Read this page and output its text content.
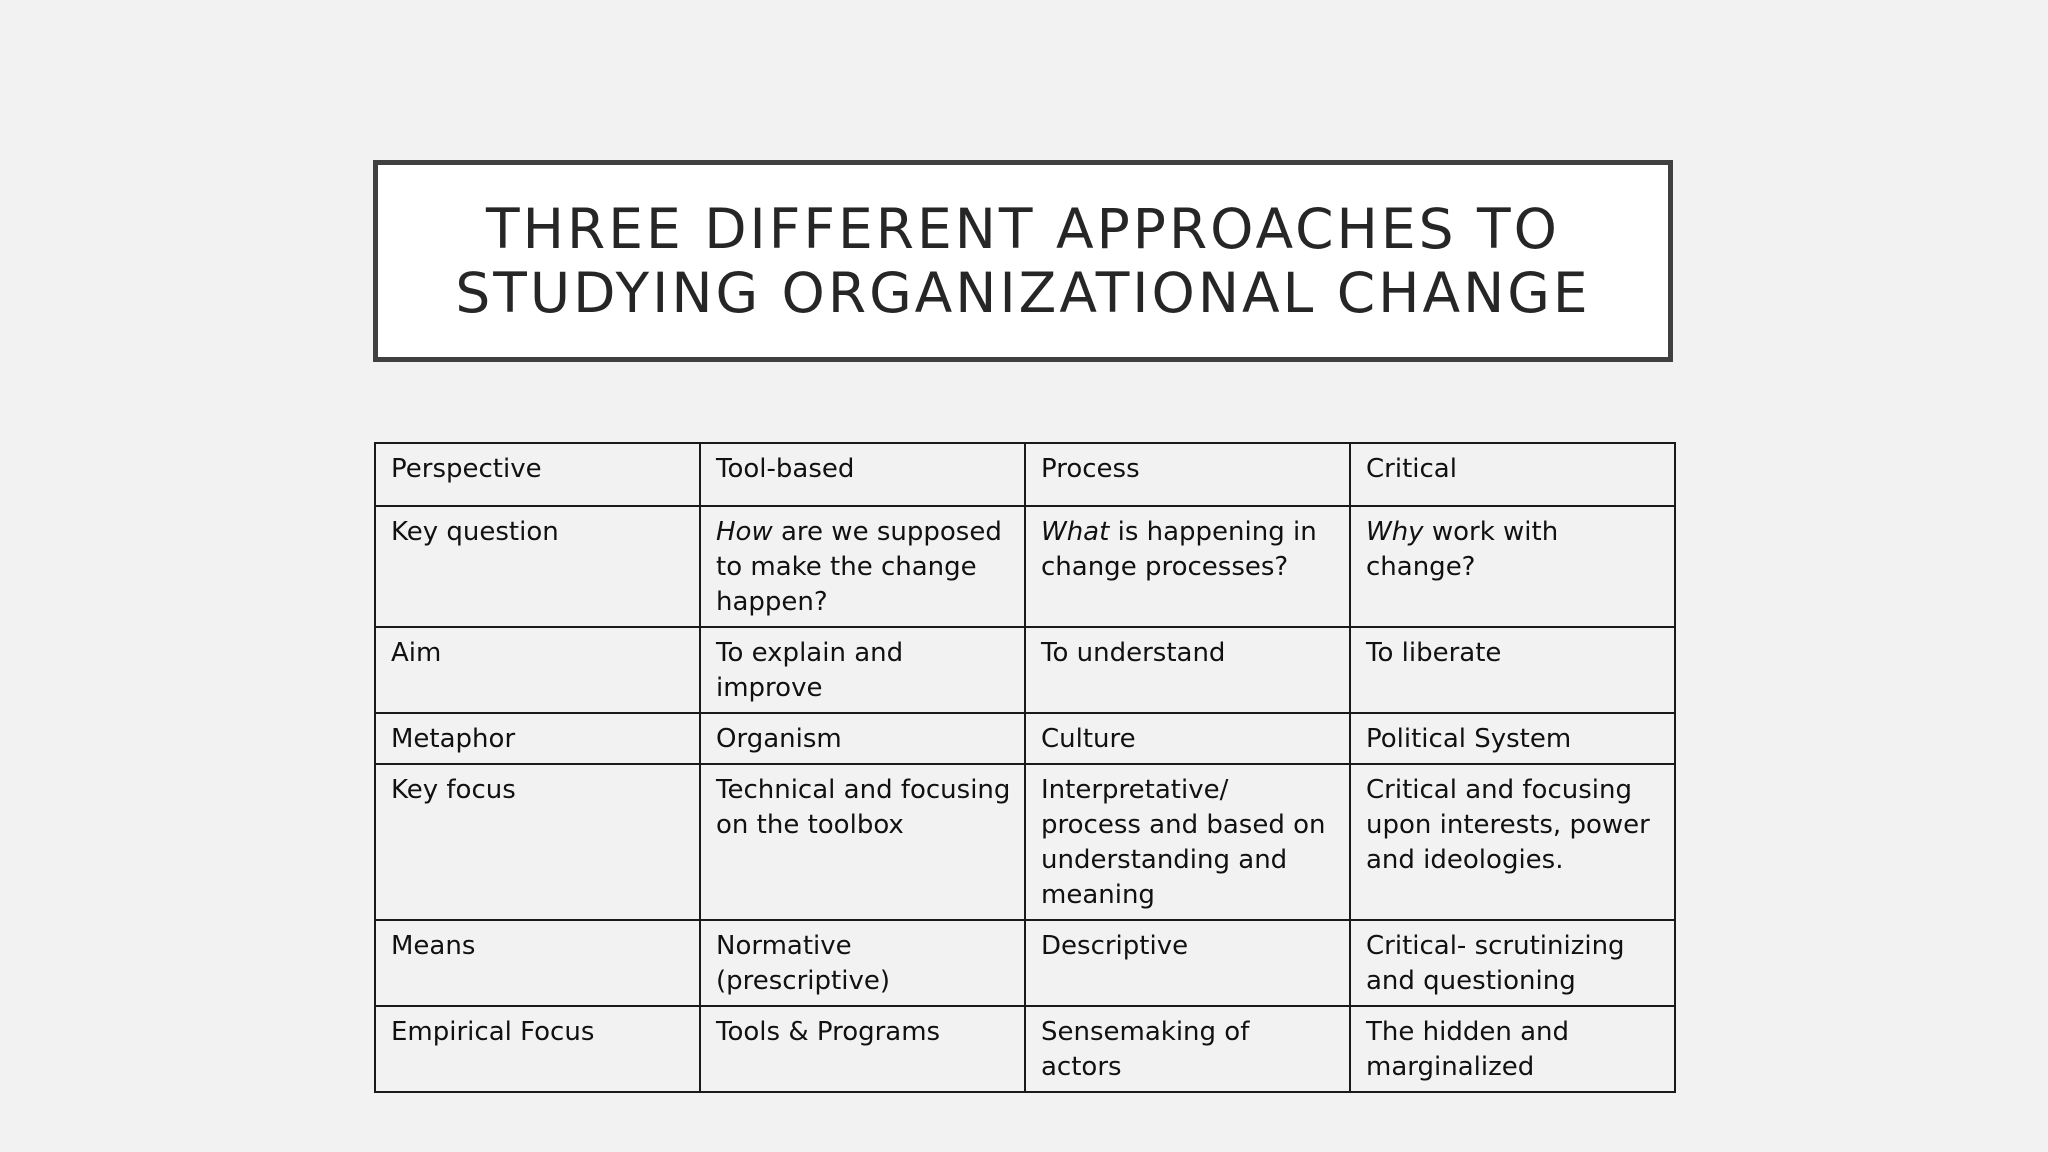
THREE DIFFERENT APPROACHES TO
STUDYING ORGANIZATIONAL CHANGE
Perspective	Tool-based	Process	Critical
Key question	How are we supposed to make the change happen?	What is happening in change processes?	Why work with change?
Aim	To explain and improve	To understand	To liberate
Metaphor	Organism	Culture	Political System
Key focus	Technical and focusing on the toolbox	Interpretative/ process and based on understanding and meaning	Critical and focusing upon interests, power and ideologies.
Means	Normative (prescriptive)	Descriptive	Critical- scrutinizing and questioning
Empirical Focus	Tools & Programs	Sensemaking of actors	The hidden and marginalized
